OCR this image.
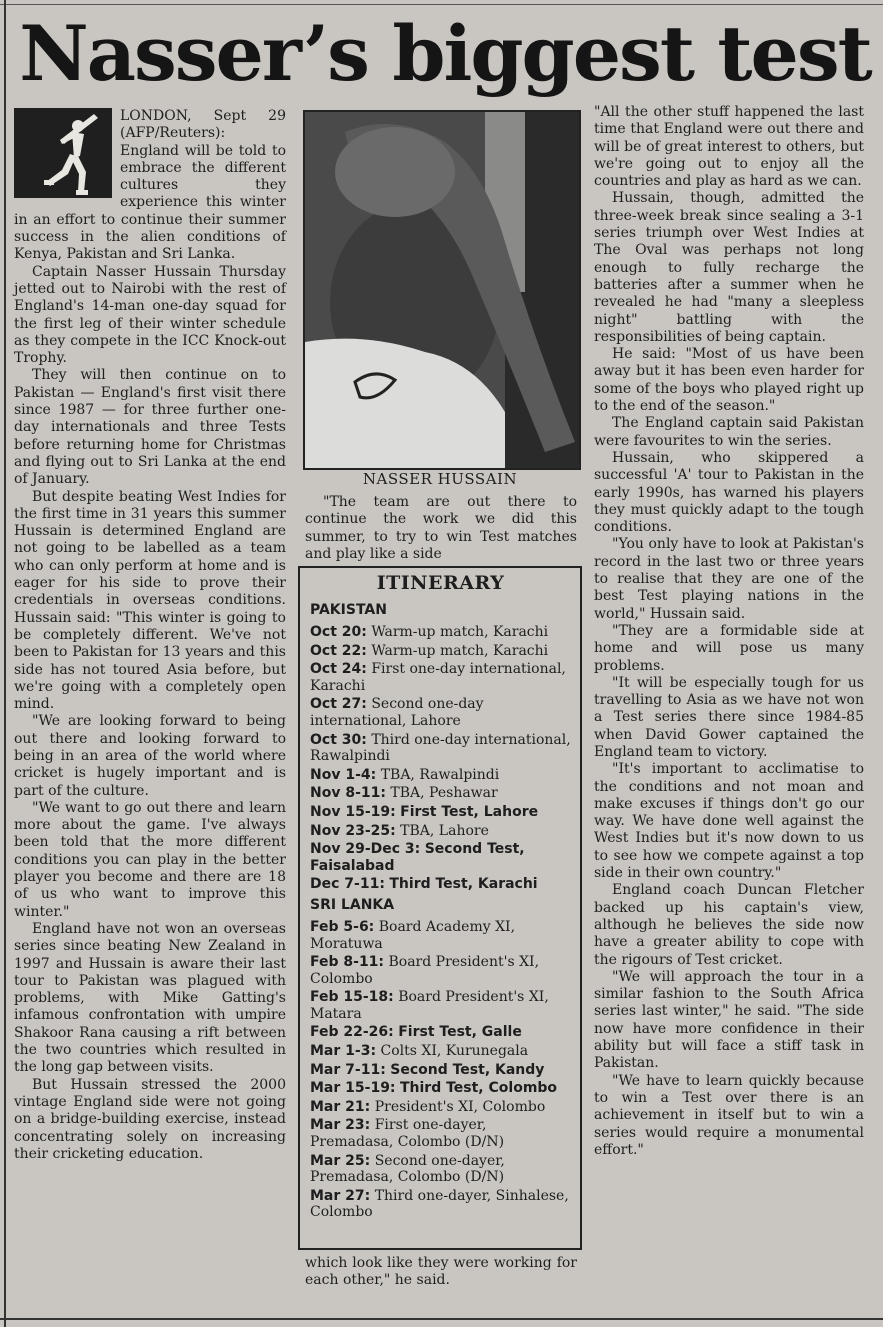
Nasser’s biggest test

LONDON, Sept 29 (AFP/Reuters): England will be told to embrace the different cultures they experience this winter in an effort to continue their summer success in the alien conditions of Kenya, Pakistan and Sri Lanka.

Captain Nasser Hussain Thursday jetted out to Nairobi with the rest of England's 14-man one-day squad for the first leg of their winter schedule as they compete in the ICC Knock-out Trophy.

They will then continue on to Pakistan — England's first visit there since 1987 — for three further one-day internationals and three Tests before returning home for Christmas and flying out to Sri Lanka at the end of January.

But despite beating West Indies for the first time in 31 years this summer Hussain is determined England are not going to be labelled as a team who can only perform at home and is eager for his side to prove their credentials in overseas conditions. Hussain said: "This winter is going to be completely different. We've not been to Pakistan for 13 years and this side has not toured Asia before, but we're going with a completely open mind.

"We are looking forward to being out there and looking forward to being in an area of the world where cricket is hugely important and is part of the culture.

"We want to go out there and learn more about the game. I've always been told that the more different conditions you can play in the better player you become and there are 18 of us who want to improve this winter."

England have not won an overseas series since beating New Zealand in 1997 and Hussain is aware their last tour to Pakistan was plagued with problems, with Mike Gatting's infamous confrontation with umpire Shakoor Rana causing a rift between the two countries which resulted in the long gap between visits.

But Hussain stressed the 2000 vintage England side were not going on a bridge-building exercise, instead concentrating solely on increasing their cricketing education.

NASSER HUSSAIN

"The team are out there to continue the work we did this summer, to try to win Test matches and play like a side

ITINERARY
PAKISTAN
Oct 20: Warm-up match, Karachi
Oct 22: Warm-up match, Karachi
Oct 24: First one-day international, Karachi
Oct 27: Second one-day international, Lahore
Oct 30: Third one-day international, Rawalpindi
Nov 1-4: TBA, Rawalpindi
Nov 8-11: TBA, Peshawar
Nov 15-19: First Test, Lahore
Nov 23-25: TBA, Lahore
Nov 29-Dec 3: Second Test, Faisalabad
Dec 7-11: Third Test, Karachi
SRI LANKA
Feb 5-6: Board Academy XI, Moratuwa
Feb 8-11: Board President's XI, Colombo
Feb 15-18: Board President's XI, Matara
Feb 22-26: First Test, Galle
Mar 1-3: Colts XI, Kurunegala
Mar 7-11: Second Test, Kandy
Mar 15-19: Third Test, Colombo
Mar 21: President's XI, Colombo
Mar 23: First one-dayer, Premadasa, Colombo (D/N)
Mar 25: Second one-dayer, Premadasa, Colombo (D/N)
Mar 27: Third one-dayer, Sinhalese, Colombo

which look like they were working for each other," he said.

"All the other stuff happened the last time that England were out there and will be of great interest to others, but we're going out to enjoy all the countries and play as hard as we can.

Hussain, though, admitted the three-week break since sealing a 3-1 series triumph over West Indies at The Oval was perhaps not long enough to fully recharge the batteries after a summer when he revealed he had "many a sleepless night" battling with the responsibilities of being captain.

He said: "Most of us have been away but it has been even harder for some of the boys who played right up to the end of the season."

The England captain said Pakistan were favourites to win the series.

Hussain, who skippered a successful 'A' tour to Pakistan in the early 1990s, has warned his players they must quickly adapt to the tough conditions.

"You only have to look at Pakistan's record in the last two or three years to realise that they are one of the best Test playing nations in the world," Hussain said.

"They are a formidable side at home and will pose us many problems.

"It will be especially tough for us travelling to Asia as we have not won a Test series there since 1984-85 when David Gower captained the England team to victory.

"It's important to acclimatise to the conditions and not moan and make excuses if things don't go our way. We have done well against the West Indies but it's now down to us to see how we compete against a top side in their own country."

England coach Duncan Fletcher backed up his captain's view, although he believes the side now have a greater ability to cope with the rigours of Test cricket.

"We will approach the tour in a similar fashion to the South Africa series last winter," he said. "The side now have more confidence in their ability but will face a stiff task in Pakistan.

"We have to learn quickly because to win a Test over there is an achievement in itself but to win a series would require a monumental effort."
